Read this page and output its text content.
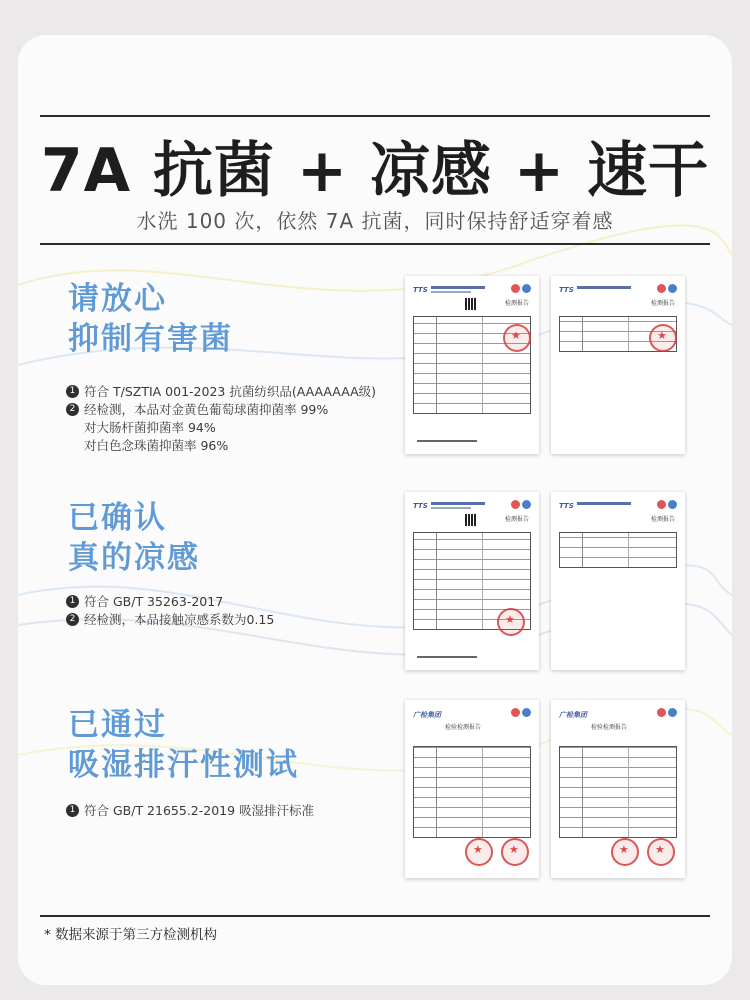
7A 抗菌 + 凉感 + 速干
水洗 100 次，依然 7A 抗菌，同时保持舒适穿着感
请放心
抑制有害菌
1 符合 T/SZTIA 001-2023 抗菌纺织品(AAAAAAA级)
2 经检测，本品对金黄色葡萄球菌抑菌率 99%
对大肠杆菌抑菌率 94%
对白色念珠菌抑菌率 96%
TTS
检测报告
★
TTS
检测报告
★
已确认
真的凉感
1 符合 GB/T 35263-2017
2 经检测，本品接触凉感系数为0.15
TTS
检测报告
★
TTS
检测报告
已通过
吸湿排汗性测试
1 符合 GB/T 21655.2-2019 吸湿排汗标准
广检集团
检验检测报告
★
★
广检集团
检验检测报告
★
★
* 数据来源于第三方检测机构
